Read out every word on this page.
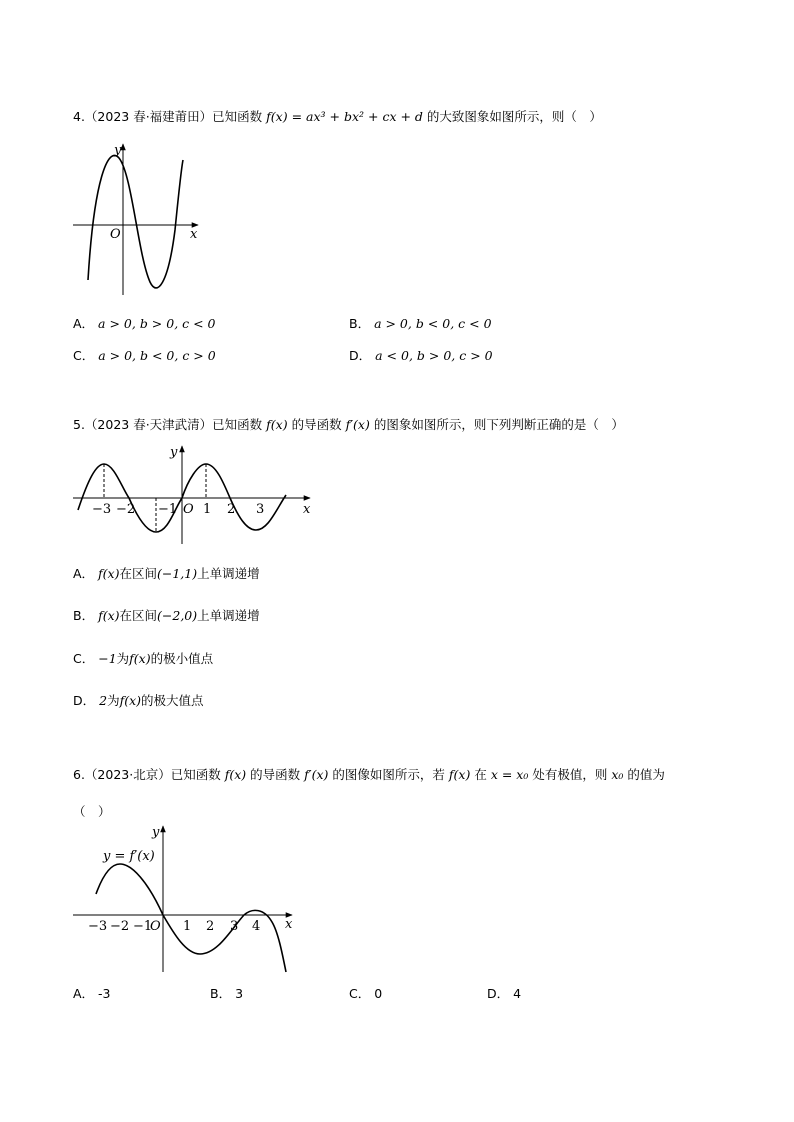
4.（2023 春·福建莆田）已知函数 f(x) = ax³ + bx² + cx + d 的大致图象如图所示，则（　）
y
x
O
A． a > 0, b > 0, c < 0	B． a > 0, b < 0, c < 0
C． a > 0, b < 0, c > 0	D． a < 0, b > 0, c > 0
5.（2023 春·天津武清）已知函数 f(x) 的导函数 f′(x) 的图象如图所示，则下列判断正确的是（　）
−3 −2 −1 O 1 2 3
y
x
A． f(x)在区间(−1,1)上单调递增
B． f(x)在区间(−2,0)上单调递增
C． −1为f(x)的极小值点
D． 2为f(x)的极大值点
6.（2023·北京）已知函数 f(x) 的导函数 f′(x) 的图像如图所示，若 f(x) 在 x = x₀ 处有极值，则 x₀ 的值为
（　）
y = f′(x)
y
x
−3 −2 −1
O 1 2 3 4
A． -3	B． 3	C． 0	D． 4
